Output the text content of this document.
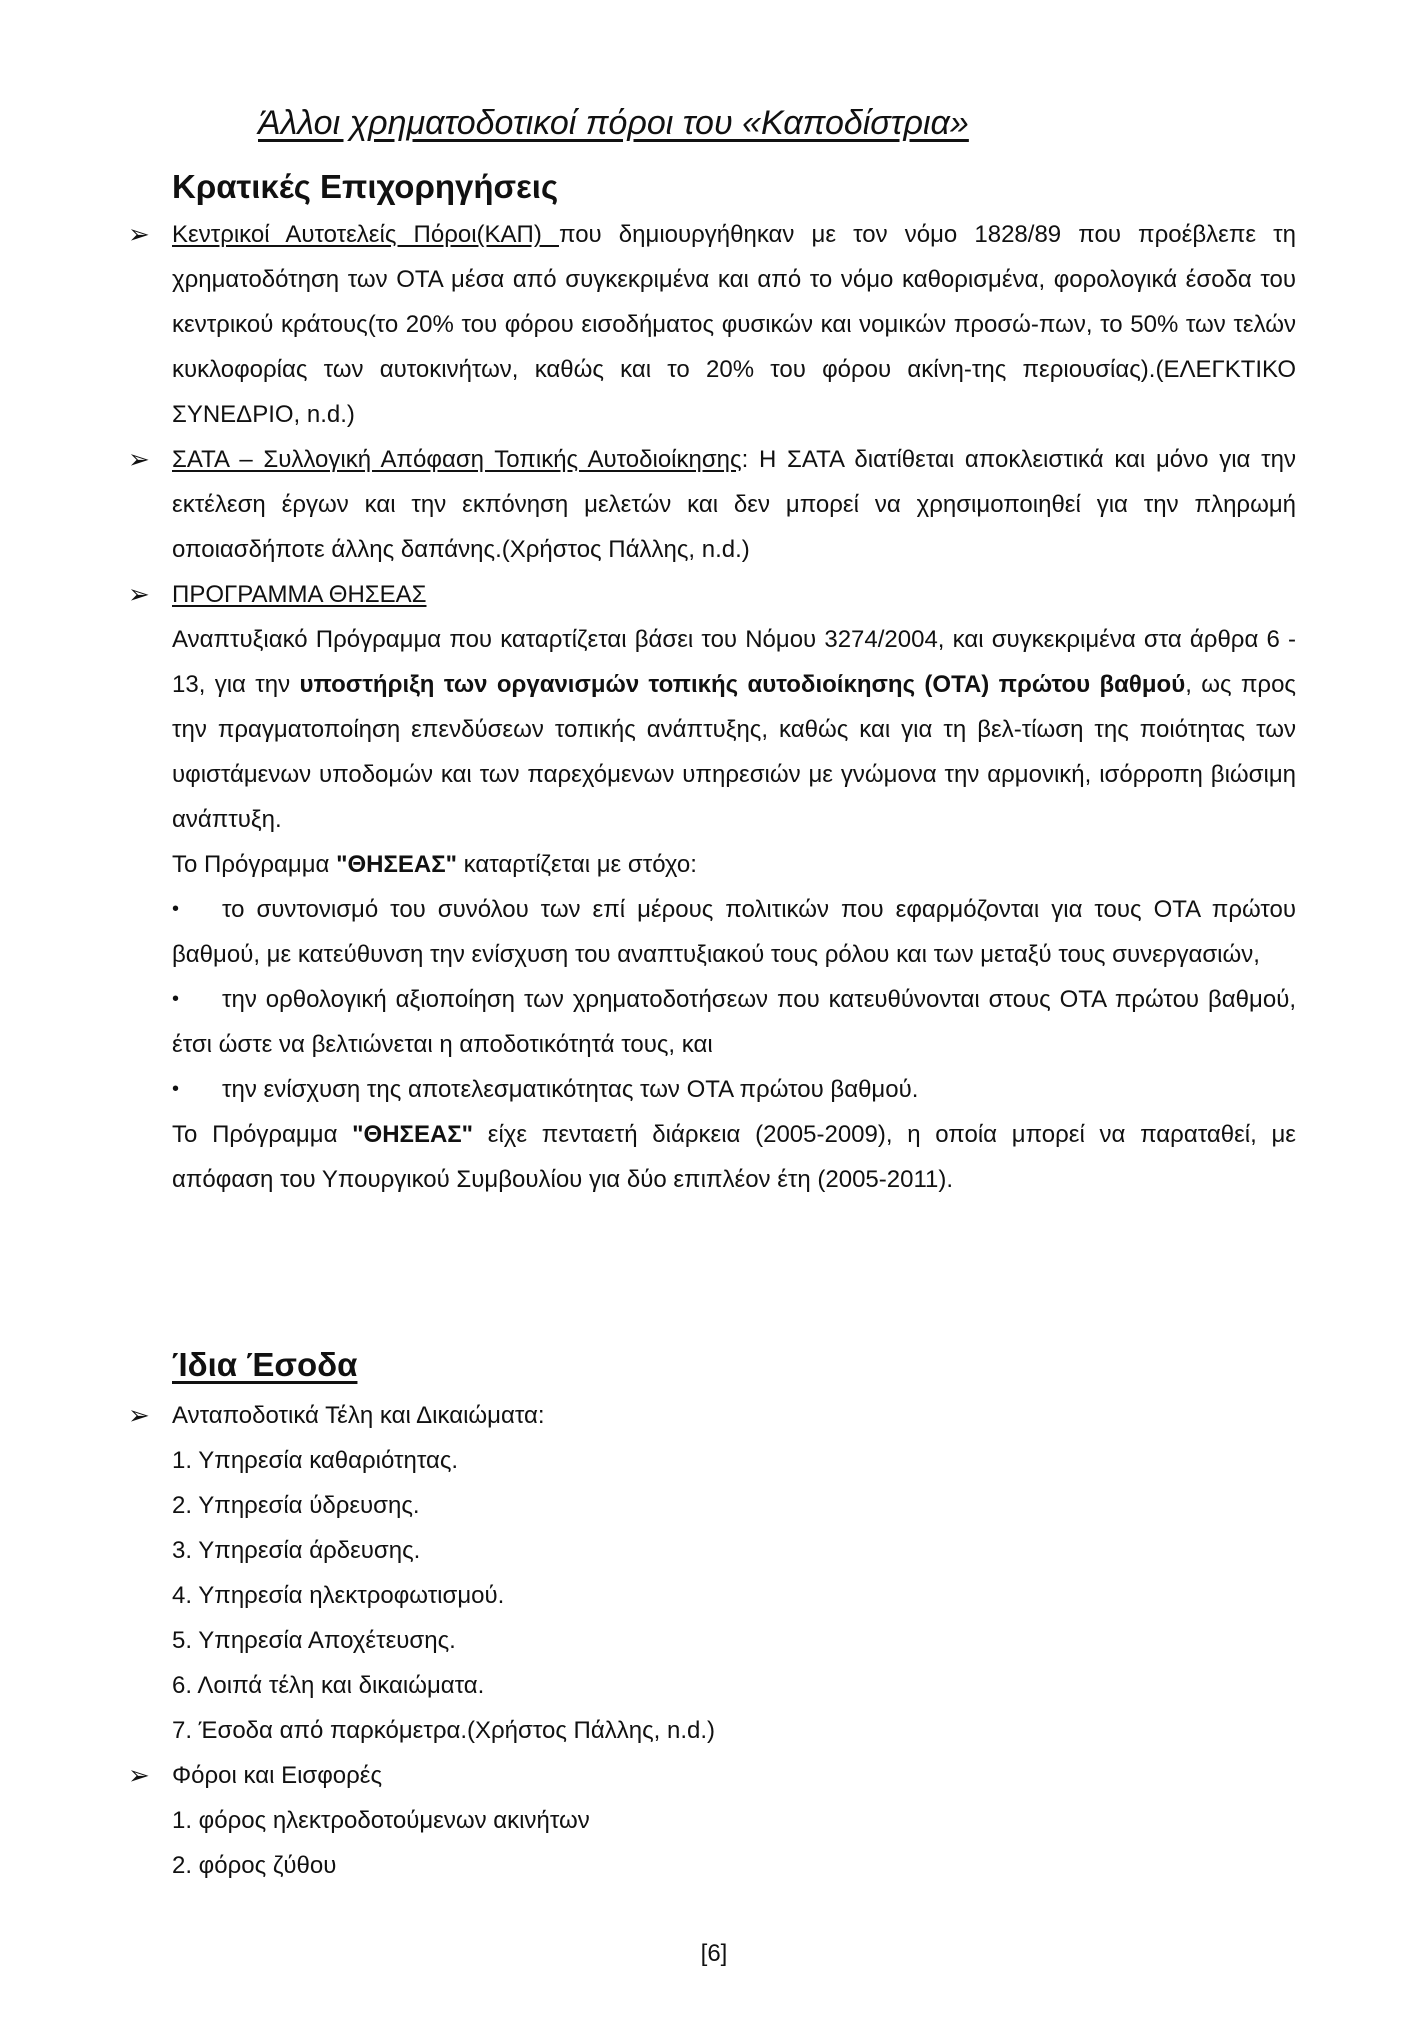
Άλλοι χρηματοδοτικοί πόροι του «Καποδίστρια»
Κρατικές Επιχορηγήσεις
➢ Κεντρικοί Αυτοτελείς Πόροι(ΚΑΠ) που δημιουργήθηκαν με τον νόμο 1828/89 που προέβλεπε τη χρηματοδότηση των ΟΤΑ μέσα από συγκεκριμένα και από το νόμο καθορισμένα, φορολογικά έσοδα του κεντρικού κράτους(το 20% του φόρου εισοδήματος φυσικών και νομικών προσώ-πων, το 50% των τελών κυκλοφορίας των αυτοκινήτων, καθώς και το 20% του φόρου ακίνη-της περιουσίας).(ΕΛΕΓΚΤΙΚΟ ΣΥΝΕΔΡΙΟ, n.d.)
➢ ΣΑΤΑ – Συλλογική Απόφαση Τοπικής Αυτοδιοίκησης: Η ΣΑΤΑ διατίθεται αποκλειστικά και μόνο για την εκτέλεση έργων και την εκπόνηση μελετών και δεν μπορεί να χρησιμοποιηθεί για την πληρωμή οποιασδήποτε άλλης δαπάνης.(Χρήστος Πάλλης, n.d.)
➢ ΠΡΟΓΡΑΜΜΑ ΘΗΣΕΑΣ
Αναπτυξιακό Πρόγραμμα που καταρτίζεται βάσει του Νόμου 3274/2004, και συγκεκριμένα στα άρθρα 6 - 13, για την υποστήριξη των οργανισμών τοπικής αυτοδιοίκησης (ΟΤΑ) πρώτου βαθμού, ως προς την πραγματοποίηση επενδύσεων τοπικής ανάπτυξης, καθώς και για τη βελ-τίωση της ποιότητας των υφιστάμενων υποδομών και των παρεχόμενων υπηρεσιών με γνώμονα την αρμονική, ισόρροπη βιώσιμη ανάπτυξη.
Το Πρόγραμμα "ΘΗΣΕΑΣ" καταρτίζεται με στόχο:
• το συντονισμό του συνόλου των επί μέρους πολιτικών που εφαρμόζονται για τους ΟΤΑ πρώτου βαθμού, με κατεύθυνση την ενίσχυση του αναπτυξιακού τους ρόλου και των μεταξύ τους συνεργασιών,
• την ορθολογική αξιοποίηση των χρηματοδοτήσεων που κατευθύνονται στους ΟΤΑ πρώτου βαθμού, έτσι ώστε να βελτιώνεται η αποδοτικότητά τους, και
• την ενίσχυση της αποτελεσματικότητας των ΟΤΑ πρώτου βαθμού.
Το Πρόγραμμα "ΘΗΣΕΑΣ" είχε πενταετή διάρκεια (2005-2009), η οποία μπορεί να παραταθεί, με απόφαση του Υπουργικού Συμβουλίου για δύο επιπλέον έτη (2005-2011).
Ίδια Έσοδα
➢ Ανταποδοτικά Τέλη και Δικαιώματα:
1. Υπηρεσία καθαριότητας.
2. Υπηρεσία ύδρευσης.
3. Υπηρεσία άρδευσης.
4. Υπηρεσία ηλεκτροφωτισμού.
5. Υπηρεσία Αποχέτευσης.
6. Λοιπά τέλη και δικαιώματα.
7. Έσοδα από παρκόμετρα.(Χρήστος Πάλλης, n.d.)
➢ Φόροι και Εισφορές
1. φόρος ηλεκτροδοτούμενων ακινήτων
2. φόρος ζύθου
[6]
